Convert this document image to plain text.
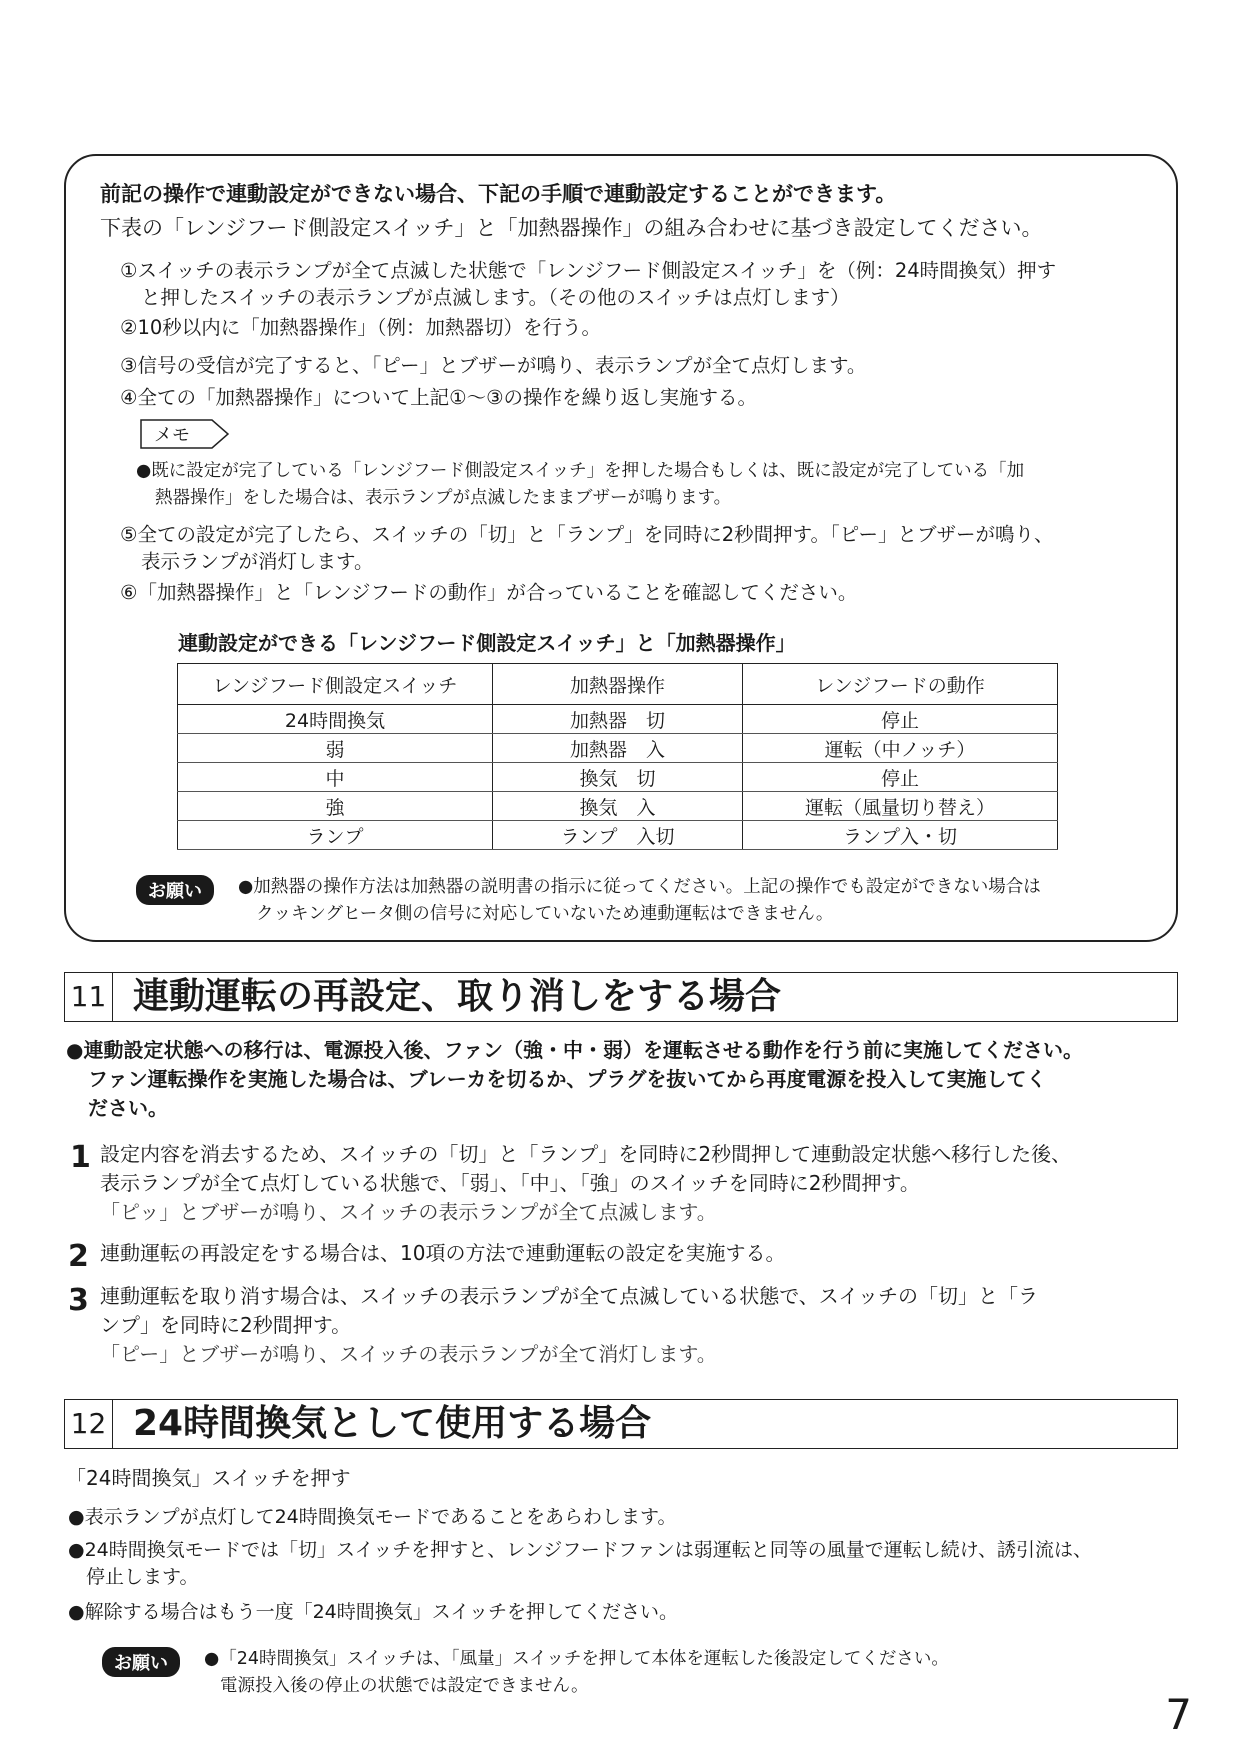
前記の操作で連動設定ができない場合、下記の手順で連動設定することができます。
下表の「レンジフード側設定スイッチ」と「加熱器操作」の組み合わせに基づき設定してください。
①スイッチの表示ランプが全て点滅した状態で「レンジフード側設定スイッチ」を（例：24時間換気）押す
と押したスイッチの表示ランプが点滅します。（その他のスイッチは点灯します）
②10秒以内に「加熱器操作」（例：加熱器切）を行う。
③信号の受信が完了すると、「ピー」とブザーが鳴り、表示ランプが全て点灯します。
④全ての「加熱器操作」について上記①〜③の操作を繰り返し実施する。
メモ
●既に設定が完了している「レンジフード側設定スイッチ」を押した場合もしくは、既に設定が完了している「加
熱器操作」をした場合は、表示ランプが点滅したままブザーが鳴ります。
⑤全ての設定が完了したら、スイッチの「切」と「ランプ」を同時に2秒間押す。「ピー」とブザーが鳴り、
表示ランプが消灯します。
⑥「加熱器操作」と「レンジフードの動作」が合っていることを確認してください。
連動設定ができる「レンジフード側設定スイッチ」と「加熱器操作」
レンジフード側設定スイッチ	加熱器操作	レンジフードの動作
24時間換気	加熱器　切	停止
弱	加熱器　入	運転（中ノッチ）
中	換気　切	停止
強	換気　入	運転（風量切り替え）
ランプ	ランプ　入切	ランプ入・切
お願い	●加熱器の操作方法は加熱器の説明書の指示に従ってください。上記の操作でも設定ができない場合は
クッキングヒータ側の信号に対応していないため連動運転はできません。
11 連動運転の再設定、取り消しをする場合
●連動設定状態への移行は、電源投入後、ファン（強・中・弱）を運転させる動作を行う前に実施してください。
ファン運転操作を実施した場合は、ブレーカを切るか、プラグを抜いてから再度電源を投入して実施してく
ださい。
1 設定内容を消去するため、スイッチの「切」と「ランプ」を同時に2秒間押して連動設定状態へ移行した後、
表示ランプが全て点灯している状態で、「弱」、「中」、「強」のスイッチを同時に2秒間押す。
「ピッ」とブザーが鳴り、スイッチの表示ランプが全て点滅します。
2 連動運転の再設定をする場合は、10項の方法で連動運転の設定を実施する。
3 連動運転を取り消す場合は、スイッチの表示ランプが全て点滅している状態で、スイッチの「切」と「ラ
ンプ」を同時に2秒間押す。
「ピー」とブザーが鳴り、スイッチの表示ランプが全て消灯します。
12 24時間換気として使用する場合
「24時間換気」スイッチを押す
●表示ランプが点灯して24時間換気モードであることをあらわします。
●24時間換気モードでは「切」スイッチを押すと、レンジフードファンは弱運転と同等の風量で運転し続け、誘引流は、
停止します。
●解除する場合はもう一度「24時間換気」スイッチを押してください。
お願い	●「24時間換気」スイッチは、「風量」スイッチを押して本体を運転した後設定してください。
電源投入後の停止の状態では設定できません。
7
